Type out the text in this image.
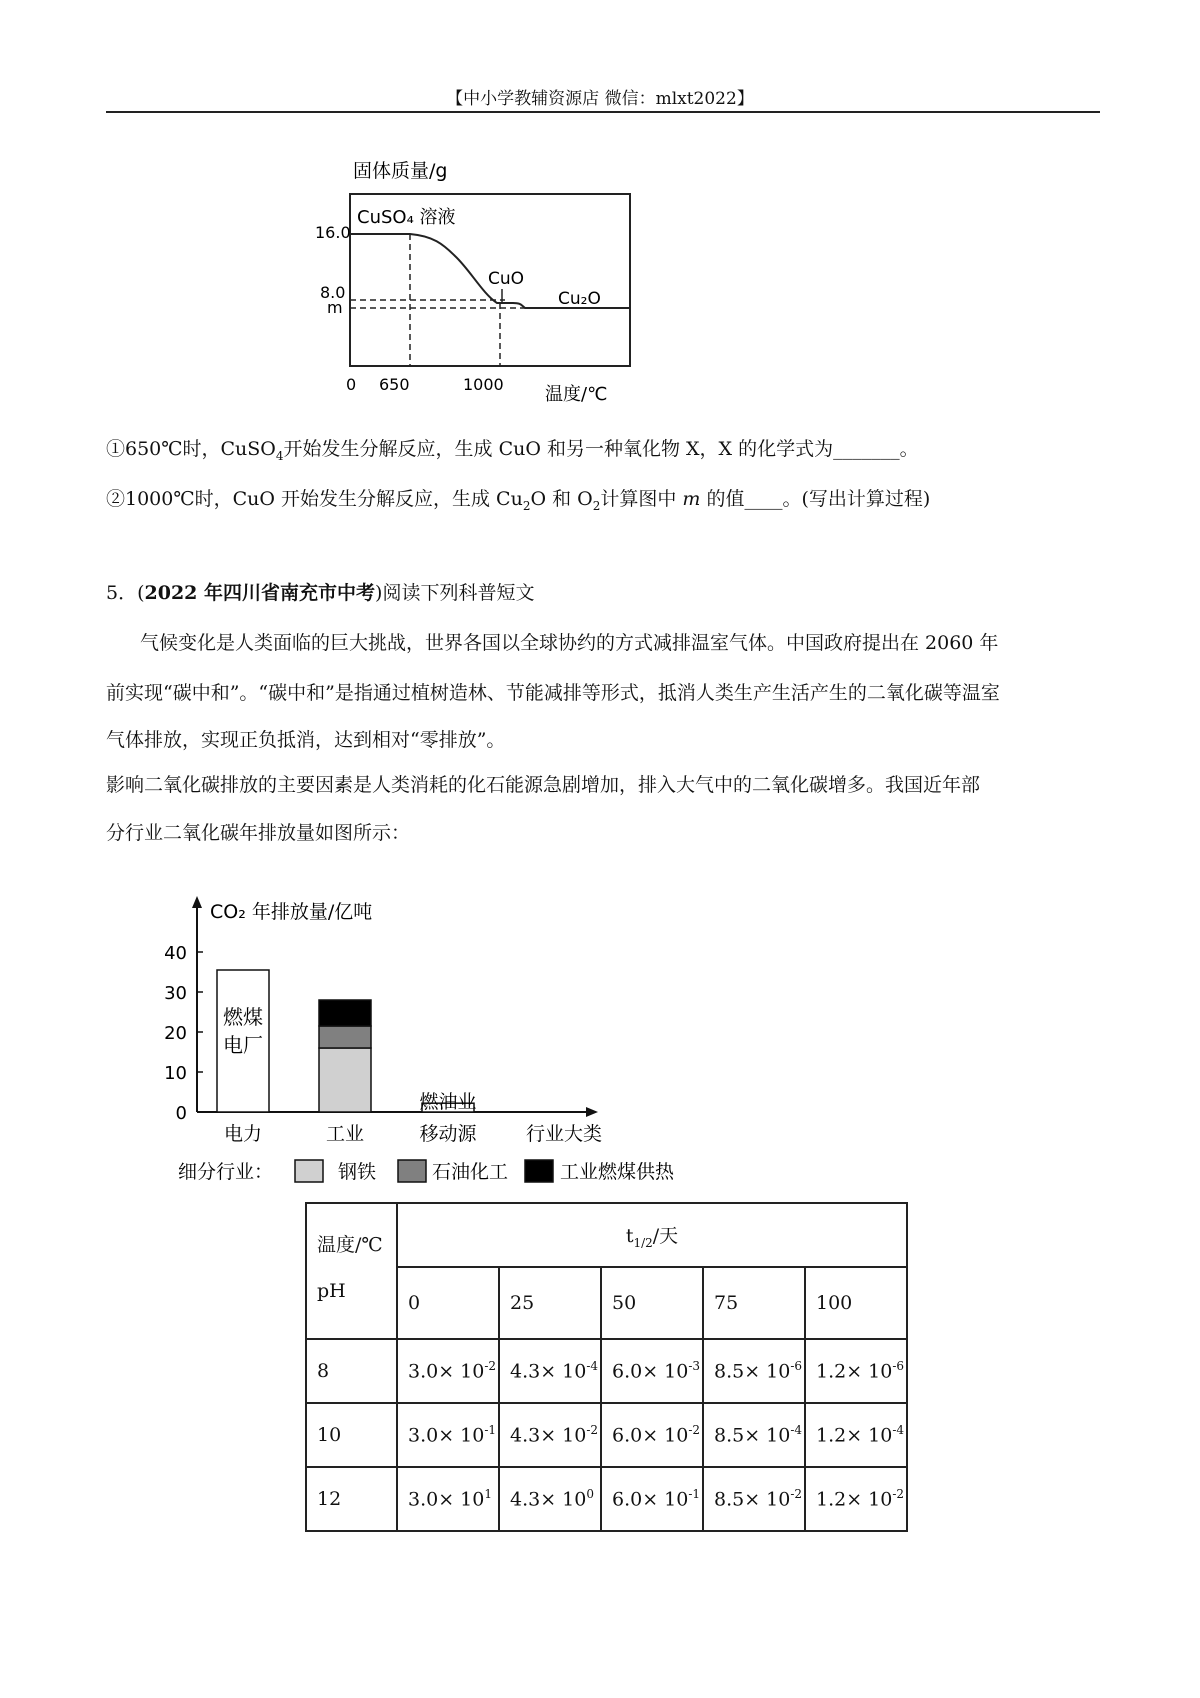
【中小学教辅资源店 微信：mlxt2022】
固体质量/g
CuSO₄ 溶液
CuO
Cu₂O
16.0
8.0
m
0 650	1000 温度/℃
①650℃时，CuSO$_4$开始发生分解反应，生成 CuO 和另一种氧化物 X，X 的化学式为_______。
②1000℃时，CuO 开始发生分解反应，生成 $Cu_2O$ 和 $O_2$计算图中 m 的值____。(写出计算过程)
5．(2022 年四川省南充市中考)阅读下列科普短文
气候变化是人类面临的巨大挑战，世界各国以全球协约的方式减排温室气体。中国政府提出在 2060 年
前实现“碳中和”。“碳中和”是指通过植树造林、节能减排等形式，抵消人类生产生活产生的二氧化碳等温室
气体排放，实现正负抵消，达到相对“零排放”。
影响二氧化碳排放的主要因素是人类消耗的化石能源急剧增加，排入大气中的二氧化碳增多。我国近年部
分行业二氧化碳年排放量如图所示：
CO₂ 年排放量/亿吨
行业大类
0
10
20
30
40
燃煤
电厂
燃油业
电力	工业	移动源
细分行业：	钢铁	石油化工	工业燃煤供热
温度/℃
pH	$t_{1/2}/$天				
	0	25	50	75	100
8	$3.0\times 10^{-2}$	$4.3\times 10^{-4}$	$6.0\times 10^{-3}$	$8.5\times 10^{-6}$	$1.2\times 10^{-6}$
10	$3.0\times 10^{-1}$	$4.3\times 10^{-2}$	$6.0\times 10^{-2}$	$8.5\times 10^{-4}$	$1.2\times 10^{-4}$
12	$3.0\times 10^1$	$4.3\times 10^0$	$6.0\times 10^{-1}$	$8.5\times 10^{-2}$	$1.2\times 10^{-2}$
